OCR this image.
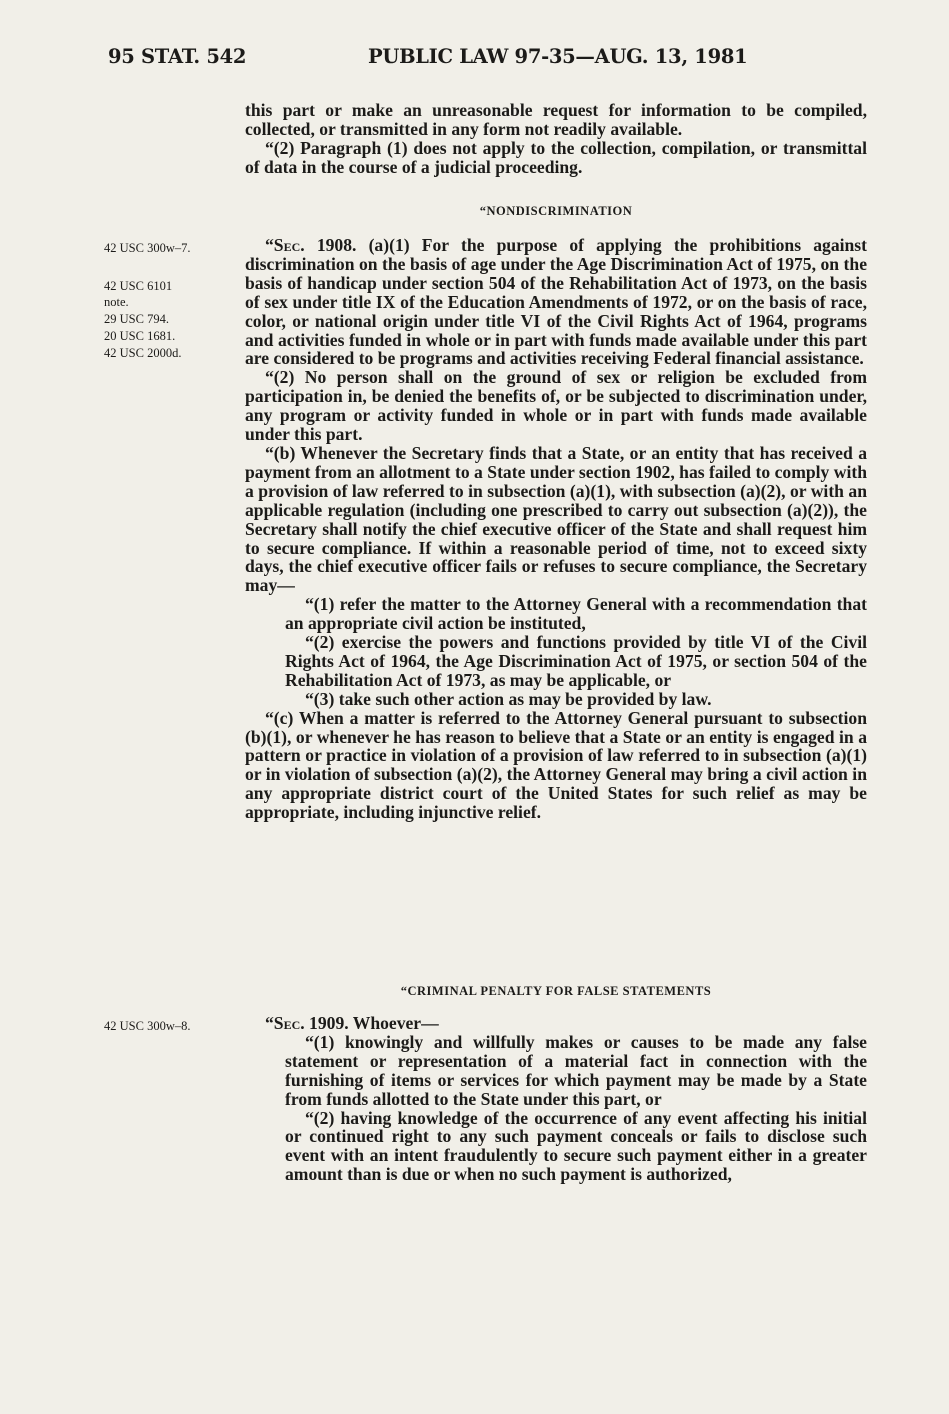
95 STAT. 542	PUBLIC LAW 97-35—AUG. 13, 1981
42 USC 300w–7.
42 USC 6101
note.
29 USC 794.
20 USC 1681.
42 USC 2000d.
42 USC 300w–8.

this part or make an unreasonable request for information to be compiled, collected, or transmitted in any form not readily available.

“(2) Paragraph (1) does not apply to the collection, compilation, or transmittal of data in the course of a judicial proceeding.

“NONDISCRIMINATION

“Sec. 1908. (a)(1) For the purpose of applying the prohibitions against discrimination on the basis of age under the Age Discrimination Act of 1975, on the basis of handicap under section 504 of the Rehabilitation Act of 1973, on the basis of sex under title IX of the Education Amendments of 1972, or on the basis of race, color, or national origin under title VI of the Civil Rights Act of 1964, programs and activities funded in whole or in part with funds made available under this part are considered to be programs and activities receiving Federal financial assistance.

“(2) No person shall on the ground of sex or religion be excluded from participation in, be denied the benefits of, or be subjected to discrimination under, any program or activity funded in whole or in part with funds made available under this part.

“(b) Whenever the Secretary finds that a State, or an entity that has received a payment from an allotment to a State under section 1902, has failed to comply with a provision of law referred to in subsection (a)(1), with subsection (a)(2), or with an applicable regulation (including one prescribed to carry out subsection (a)(2)), the Secretary shall notify the chief executive officer of the State and shall request him to secure compliance. If within a reasonable period of time, not to exceed sixty days, the chief executive officer fails or refuses to secure compliance, the Secretary may—

“(1) refer the matter to the Attorney General with a recommendation that an appropriate civil action be instituted,

“(2) exercise the powers and functions provided by title VI of the Civil Rights Act of 1964, the Age Discrimination Act of 1975, or section 504 of the Rehabilitation Act of 1973, as may be applicable, or

“(3) take such other action as may be provided by law.

“(c) When a matter is referred to the Attorney General pursuant to subsection (b)(1), or whenever he has reason to believe that a State or an entity is engaged in a pattern or practice in violation of a provision of law referred to in subsection (a)(1) or in violation of subsection (a)(2), the Attorney General may bring a civil action in any appropriate district court of the United States for such relief as may be appropriate, including injunctive relief.

“CRIMINAL PENALTY FOR FALSE STATEMENTS

“Sec. 1909. Whoever—

“(1) knowingly and willfully makes or causes to be made any false statement or representation of a material fact in connection with the furnishing of items or services for which payment may be made by a State from funds allotted to the State under this part, or

“(2) having knowledge of the occurrence of any event affecting his initial or continued right to any such payment conceals or fails to disclose such event with an intent fraudulently to secure such payment either in a greater amount than is due or when no such payment is authorized,
